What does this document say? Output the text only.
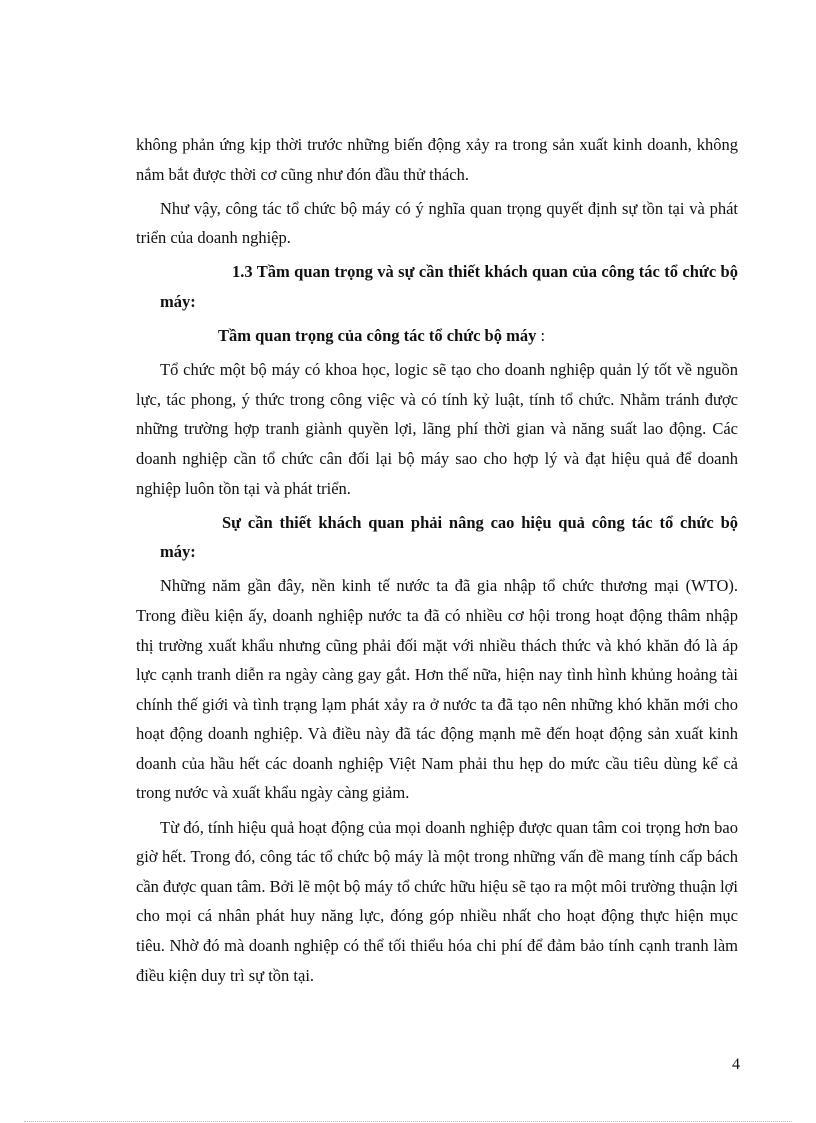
không phản ứng kịp thời trước những biến động xảy ra trong sản xuất kinh doanh, không nắm bắt được thời cơ cũng như đón đầu thử thách.

Như vậy, công tác tổ chức bộ máy có ý nghĩa quan trọng quyết định sự tồn tại và phát triển của doanh nghiệp.

1.3 Tầm quan trọng và sự cần thiết khách quan của công tác tổ chức bộ máy:

Tầm quan trọng của công tác tổ chức bộ máy :

Tổ chức một bộ máy có khoa học, logic sẽ tạo cho doanh nghiệp quản lý tốt về nguồn lực, tác phong, ý thức trong công việc và có tính kỷ luật, tính tổ chức. Nhằm tránh được những trường hợp tranh giành quyền lợi, lãng phí thời gian và năng suất lao động. Các doanh nghiệp cần tổ chức cân đối lại bộ máy sao cho hợp lý và đạt hiệu quả để doanh nghiệp luôn tồn tại và phát triển.

Sự cần thiết khách quan phải nâng cao hiệu quả công tác tổ chức bộ máy:

Những năm gần đây, nền kinh tế nước ta đã gia nhập tổ chức thương mại (WTO). Trong điều kiện ấy, doanh nghiệp nước ta đã có nhiều cơ hội trong hoạt động thâm nhập thị trường xuất khẩu nhưng cũng phải đối mặt với nhiều thách thức và khó khăn đó là áp lực cạnh tranh diễn ra ngày càng gay gắt. Hơn thế nữa, hiện nay tình hình khủng hoảng tài chính thế giới và tình trạng lạm phát xảy ra ở nước ta đã tạo nên những khó khăn mới cho hoạt động doanh nghiệp. Và điều này đã tác động mạnh mẽ đến hoạt động sản xuất kinh doanh của hầu hết các doanh nghiệp Việt Nam phải thu hẹp do mức cầu tiêu dùng kể cả trong nước và xuất khẩu ngày càng giảm.

Từ đó, tính hiệu quả hoạt động của mọi doanh nghiệp được quan tâm coi trọng hơn bao giờ hết. Trong đó, công tác tổ chức bộ máy là một trong những vấn đề mang tính cấp bách cần được quan tâm. Bởi lẽ một bộ máy tổ chức hữu hiệu sẽ tạo ra một môi trường thuận lợi cho mọi cá nhân phát huy năng lực, đóng góp nhiều nhất cho hoạt động thực hiện mục tiêu. Nhờ đó mà doanh nghiệp có thể tối thiểu hóa chi phí để đảm bảo tính cạnh tranh làm điều kiện duy trì sự tồn tại.

4
